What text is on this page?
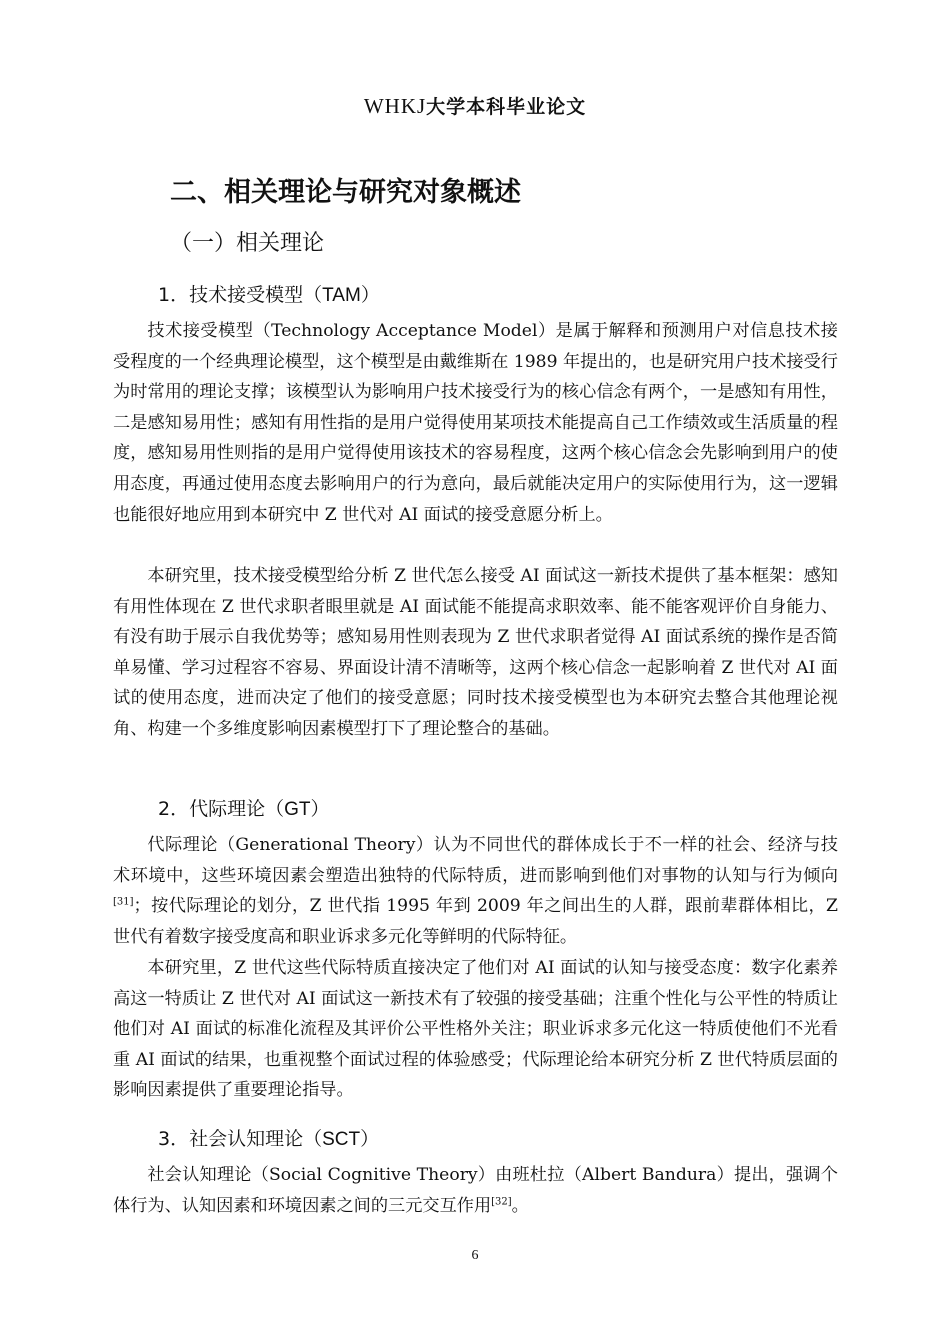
WHKJ大学本科毕业论文
二、相关理论与研究对象概述
（一）相关理论
1．技术接受模型（TAM）

技术接受模型（Technology Acceptance Model）是属于解释和预测用户对信息技术接受程度的一个经典理论模型，这个模型是由戴维斯在 1989 年提出的，也是研究用户技术接受行为时常用的理论支撑；该模型认为影响用户技术接受行为的核心信念有两个，一是感知有用性，二是感知易用性；感知有用性指的是用户觉得使用某项技术能提高自己工作绩效或生活质量的程度，感知易用性则指的是用户觉得使用该技术的容易程度，这两个核心信念会先影响到用户的使用态度，再通过使用态度去影响用户的行为意向，最后就能决定用户的实际使用行为，这一逻辑也能很好地应用到本研究中 Z 世代对 AI 面试的接受意愿分析上。

本研究里，技术接受模型给分析 Z 世代怎么接受 AI 面试这一新技术提供了基本框架：感知有用性体现在 Z 世代求职者眼里就是 AI 面试能不能提高求职效率、能不能客观评价自身能力、有没有助于展示自我优势等；感知易用性则表现为 Z 世代求职者觉得 AI 面试系统的操作是否简单易懂、学习过程容不容易、界面设计清不清晰等，这两个核心信念一起影响着 Z 世代对 AI 面试的使用态度，进而决定了他们的接受意愿；同时技术接受模型也为本研究去整合其他理论视角、构建一个多维度影响因素模型打下了理论整合的基础。

2．代际理论（GT）

代际理论（Generational Theory）认为不同世代的群体成长于不一样的社会、经济与技术环境中，这些环境因素会塑造出独特的代际特质，进而影响到他们对事物的认知与行为倾向[31]；按代际理论的划分，Z 世代指 1995 年到 2009 年之间出生的人群，跟前辈群体相比，Z 世代有着数字接受度高和职业诉求多元化等鲜明的代际特征。

本研究里，Z 世代这些代际特质直接决定了他们对 AI 面试的认知与接受态度：数字化素养高这一特质让 Z 世代对 AI 面试这一新技术有了较强的接受基础；注重个性化与公平性的特质让他们对 AI 面试的标准化流程及其评价公平性格外关注；职业诉求多元化这一特质使他们不光看重 AI 面试的结果，也重视整个面试过程的体验感受；代际理论给本研究分析 Z 世代特质层面的影响因素提供了重要理论指导。

3．社会认知理论（SCT）

社会认知理论（Social Cognitive Theory）由班杜拉（Albert Bandura）提出，强调个体行为、认知因素和环境因素之间的三元交互作用[32]。

6
